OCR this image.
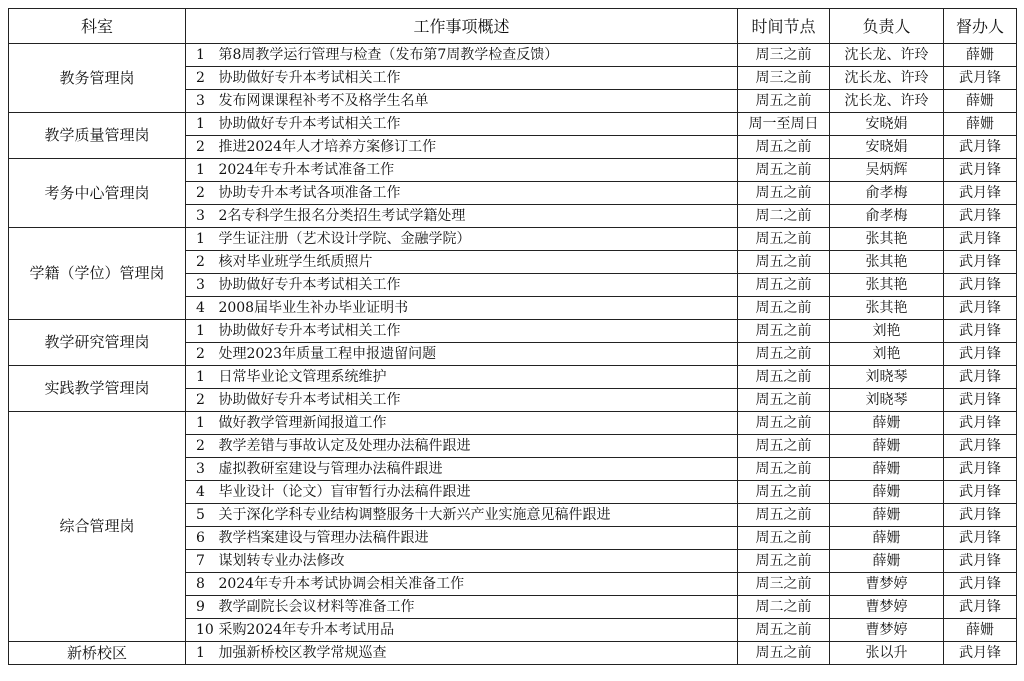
科室	工作事项概述	时间节点	负责人	督办人
教务管理岗	1 第8周教学运行管理与检查（发布第7周教学检查反馈）	周三之前	沈长龙、许玲	薛姗
	2 协助做好专升本考试相关工作	周三之前	沈长龙、许玲	武月锋
	3 发布网课课程补考不及格学生名单	周五之前	沈长龙、许玲	薛姗
教学质量管理岗	1 协助做好专升本考试相关工作	周一至周日	安晓娟	薛姗
	2 推进2024年人才培养方案修订工作	周五之前	安晓娟	武月锋
考务中心管理岗	1 2024年专升本考试准备工作	周五之前	吴炳辉	武月锋
	2 协助专升本考试各项准备工作	周五之前	俞孝梅	武月锋
	3 2名专科学生报名分类招生考试学籍处理	周二之前	俞孝梅	武月锋
学籍（学位）管理岗	1 学生证注册（艺术设计学院、金融学院）	周五之前	张其艳	武月锋
	2 核对毕业班学生纸质照片	周五之前	张其艳	武月锋
	3 协助做好专升本考试相关工作	周五之前	张其艳	武月锋
	4 2008届毕业生补办毕业证明书	周五之前	张其艳	武月锋
教学研究管理岗	1 协助做好专升本考试相关工作	周五之前	刘艳	武月锋
	2 处理2023年质量工程申报遗留问题	周五之前	刘艳	武月锋
实践教学管理岗	1 日常毕业论文管理系统维护	周五之前	刘晓琴	武月锋
	2 协助做好专升本考试相关工作	周五之前	刘晓琴	武月锋
综合管理岗	1 做好教学管理新闻报道工作	周五之前	薛姗	武月锋
	2 教学差错与事故认定及处理办法稿件跟进	周五之前	薛姗	武月锋
	3 虚拟教研室建设与管理办法稿件跟进	周五之前	薛姗	武月锋
	4 毕业设计（论文）盲审暂行办法稿件跟进	周五之前	薛姗	武月锋
	5 关于深化学科专业结构调整服务十大新兴产业实施意见稿件跟进	周五之前	薛姗	武月锋
	6 教学档案建设与管理办法稿件跟进	周五之前	薛姗	武月锋
	7 谋划转专业办法修改	周五之前	薛姗	武月锋
	8 2024年专升本考试协调会相关准备工作	周三之前	曹梦婷	武月锋
	9 教学副院长会议材料等准备工作	周二之前	曹梦婷	武月锋
	10 采购2024年专升本考试用品	周五之前	曹梦婷	薛姗
新桥校区	1 加强新桥校区教学常规巡查	周五之前	张以升	武月锋
